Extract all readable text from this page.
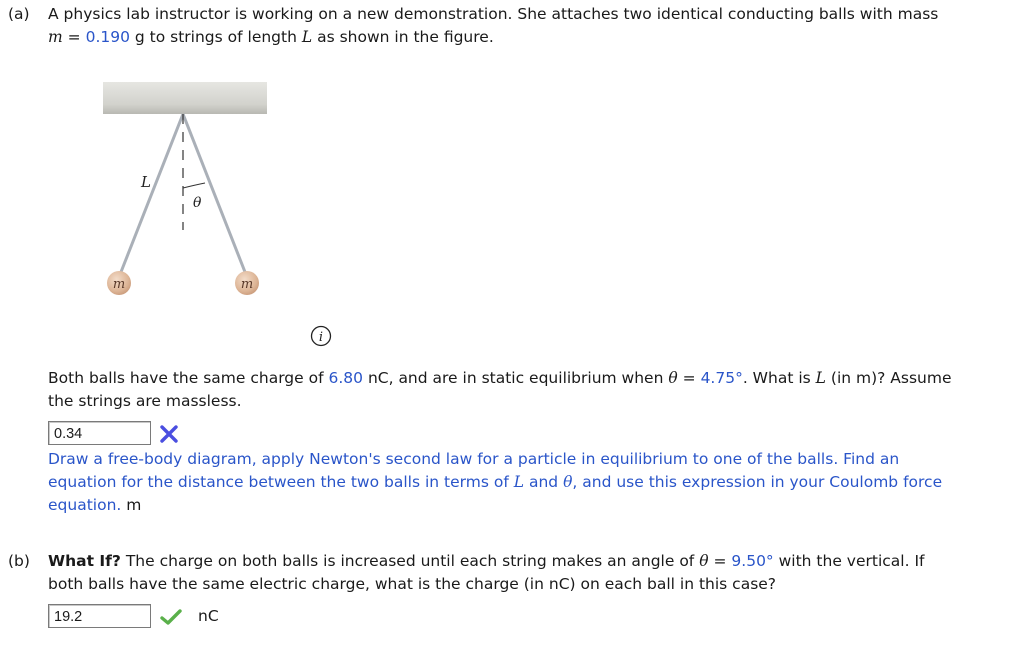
(a) A physics lab instructor is working on a new demonstration. She attaches two identical conducting balls with mass
m = 0.190 g to strings of length L as shown in the figure.
L
θ
m	m
i
Both balls have the same charge of 6.80 nC, and are in static equilibrium when θ = 4.75°. What is L (in m)? Assume
the strings are massless.
0.34
Draw a free-body diagram, apply Newton's second law for a particle in equilibrium to one of the balls. Find an
equation for the distance between the two balls in terms of L and θ, and use this expression in your Coulomb force
equation. m
(b) What If? The charge on both balls is increased until each string makes an angle of θ = 9.50° with the vertical. If
both balls have the same electric charge, what is the charge (in nC) on each ball in this case?
19.2	nC
